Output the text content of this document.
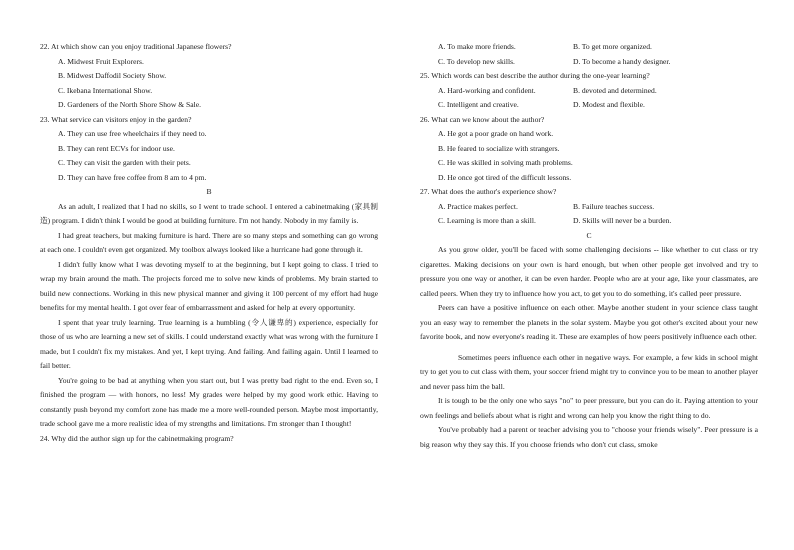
22. At which show can you enjoy traditional Japanese flowers?
A. Midwest Fruit Explorers.
B. Midwest Daffodil Society Show.
C. Ikebana International Show.
D. Gardeners of the North Shore Show & Sale.
23. What service can visitors enjoy in the garden?
A. They can use free wheelchairs if they need to.
B. They can rent ECVs for indoor use.
C. They can visit the garden with their pets.
D. They can have free coffee from 8 am to 4 pm.
B
As an adult, I realized that I had no skills, so I went to trade school. I entered a cabinetmaking (家具制造) program. I didn't think I would be good at building furniture. I'm not handy. Nobody in my family is.
I had great teachers, but making furniture is hard. There are so many steps and something can go wrong at each one. I couldn't even get organized. My toolbox always looked like a hurricane had gone through it.
I didn't fully know what I was devoting myself to at the beginning, but I kept going to class. I tried to wrap my brain around the math. The projects forced me to solve new kinds of problems. My brain started to build new connections. Working in this new physical manner and giving it 100 percent of my effort had huge benefits for my mental health. I got over fear of embarrassment and asked for help at every opportunity.
I spent that year truly learning. True learning is a humbling (令人谦卑的) experience, especially for those of us who are learning a new set of skills. I could understand exactly what was wrong with the furniture I made, but I couldn't fix my mistakes. And yet, I kept trying. And failing. And failing again. Until I learned to fail better.
You're going to be bad at anything when you start out, but I was pretty bad right to the end. Even so, I finished the program — with honors, no less! My grades were helped by my good work ethic. Having to constantly push beyond my comfort zone has made me a more well-rounded person. Maybe most importantly, trade school gave me a more realistic idea of my strengths and limitations. I'm stronger than I thought!
24. Why did the author sign up for the cabinetmaking program?
A. To make more friends.	B. To get more organized.
C. To develop new skills.	D. To become a handy designer.
25. Which words can best describe the author during the one-year learning?
A. Hard-working and confident.	B. devoted and determined.
C. Intelligent and creative.	D. Modest and flexible.
26. What can we know about the author?
A. He got a poor grade on hand work.
B. He feared to socialize with strangers.
C. He was skilled in solving math problems.
D. He once got tired of the difficult lessons.
27. What does the author's experience show?
A. Practice makes perfect.	B. Failure teaches success.
C. Learning is more than a skill.	D. Skills will never be a burden.
C
As you grow older, you'll be faced with some challenging decisions -- like whether to cut class or try cigarettes. Making decisions on your own is hard enough, but when other people get involved and try to pressure you one way or another, it can be even harder. People who are at your age, like your classmates, are called peers. When they try to influence how you act, to get you to do something, it's called peer pressure.
Peers can have a positive influence on each other. Maybe another student in your science class taught you an easy way to remember the planets in the solar system. Maybe you got other's excited about your new favorite book, and now everyone's reading it. These are examples of how peers positively influence each other.
Sometimes peers influence each other in negative ways. For example, a few kids in school might try to get you to cut class with them, your soccer friend might try to convince you to be mean to another player and never pass him the ball.
It is tough to be the only one who says "no" to peer pressure, but you can do it. Paying attention to your own feelings and beliefs about what is right and wrong can help you know the right thing to do.
You've probably had a parent or teacher advising you to "choose your friends wisely". Peer pressure is a big reason why they say this. If you choose friends who don't cut class, smoke
